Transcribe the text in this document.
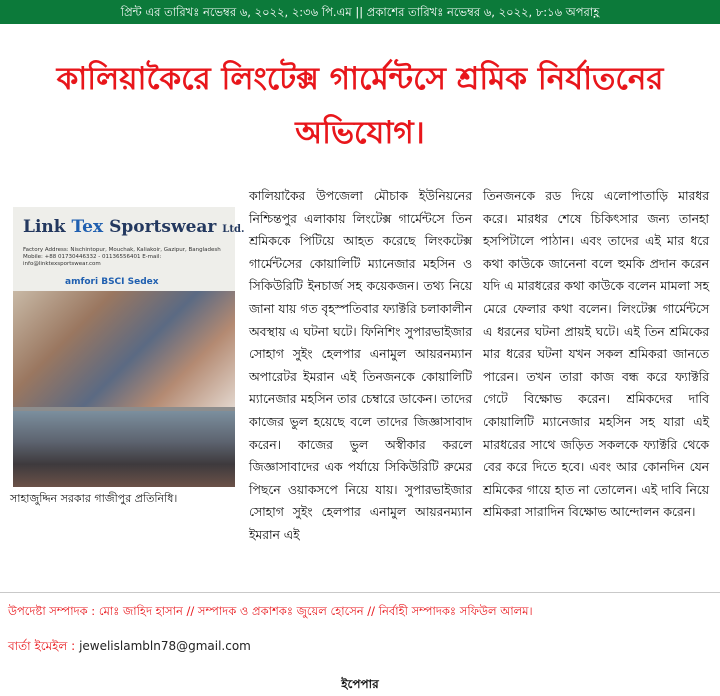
প্রিন্ট এর তারিখঃ নভেম্বর ৬, ২০২২, ২:৩৬ পি.এম || প্রকাশের তারিখঃ নভেম্বর ৬, ২০২২, ৮:১৬ অপরাহ্ণ
কালিয়াকৈরে লিংটেক্স গার্মেন্টসে শ্রমিক নির্যাতনের অভিযোগ।
Link Tex Sportswear Ltd.
Factory Address: Nischintopur, Mouchak, Kaliakoir, Gazipur, Bangladesh Mobile: +88 01730446332 - 01136556401 E-mail: info@linktexsportswear.com
amfori BSCI Sedex
সাহাজুদ্দিন সরকার গাজীপুর প্রতিনিধি।
কালিয়াকৈর উপজেলা মৌচাক ইউনিয়নের নিশ্চিন্তপুর এলাকায় লিংটেক্স গার্মেন্টসে তিন শ্রমিককে পিটিয়ে আহত করেছে লিংকটেক্স গার্মেন্টসের কোয়ালিটি ম্যানেজার মহসিন ও সিকিউরিটি ইনচার্জ সহ কয়েকজন। তথ্য নিয়ে জানা যায় গত বৃহস্পতিবার ফ্যাক্টরি চলাকালীন অবস্থায় এ ঘটনা ঘটে। ফিনিশিং সুপারভাইজার সোহাগ সুইং হেলপার এনামুল আয়রনম্যান অপারেটর ইমরান এই তিনজনকে কোয়ালিটি ম্যানেজার মহসিন তার চেম্বারে ডাকেন। তাদের কাজের ভুল হয়েছে বলে তাদের জিজ্ঞাসাবাদ করেন। কাজের ভুল অস্বীকার করলে জিজ্ঞাসাবাদের এক পর্যায়ে সিকিউরিটি রুমের পিছনে ওয়াকসপে নিয়ে যায়। সুপারভাইজার সোহাগ সুইং হেলপার এনামুল আয়রনম্যান ইমরান এই
তিনজনকে রড দিয়ে এলোপাতাড়ি মারধর করে। মারধর শেষে চিকিৎসার জন্য তানহা হসপিটালে পাঠান। এবং তাদের এই মার ধরে কথা কাউকে জানেনা বলে হুমকি প্রদান করেন যদি এ মারধরের কথা কাউকে বলেন মামলা সহ মেরে ফেলার কথা বলেন। লিংটেক্স গার্মেন্টসে এ ধরনের ঘটনা প্রায়ই ঘটে। এই তিন শ্রমিকের মার ধরের ঘটনা যখন সকল শ্রমিকরা জানতে পারেন। তখন তারা কাজ বন্ধ করে ফ্যাক্টরি গেটে বিক্ষোভ করেন। শ্রমিকদের দাবি কোয়ালিটি ম্যানেজার মহসিন সহ যারা এই মারধরের সাথে জড়িত সকলকে ফ্যাক্টরি থেকে বের করে দিতে হবে। এবং আর কোনদিন যেন শ্রমিকের গায়ে হাত না তোলেন। এই দাবি নিয়ে শ্রমিকরা সারাদিন বিক্ষোভ আন্দোলন করেন।
উপদেষ্টা সম্পাদক : মোঃ জাহিদ হাসান // সম্পাদক ও প্রকাশকঃ জুয়েল হোসেন // নির্বাহী সম্পাদকঃ সফিউল আলম।
বার্তা ইমেইল : jewelislambln78@gmail.com
ইপেপার
